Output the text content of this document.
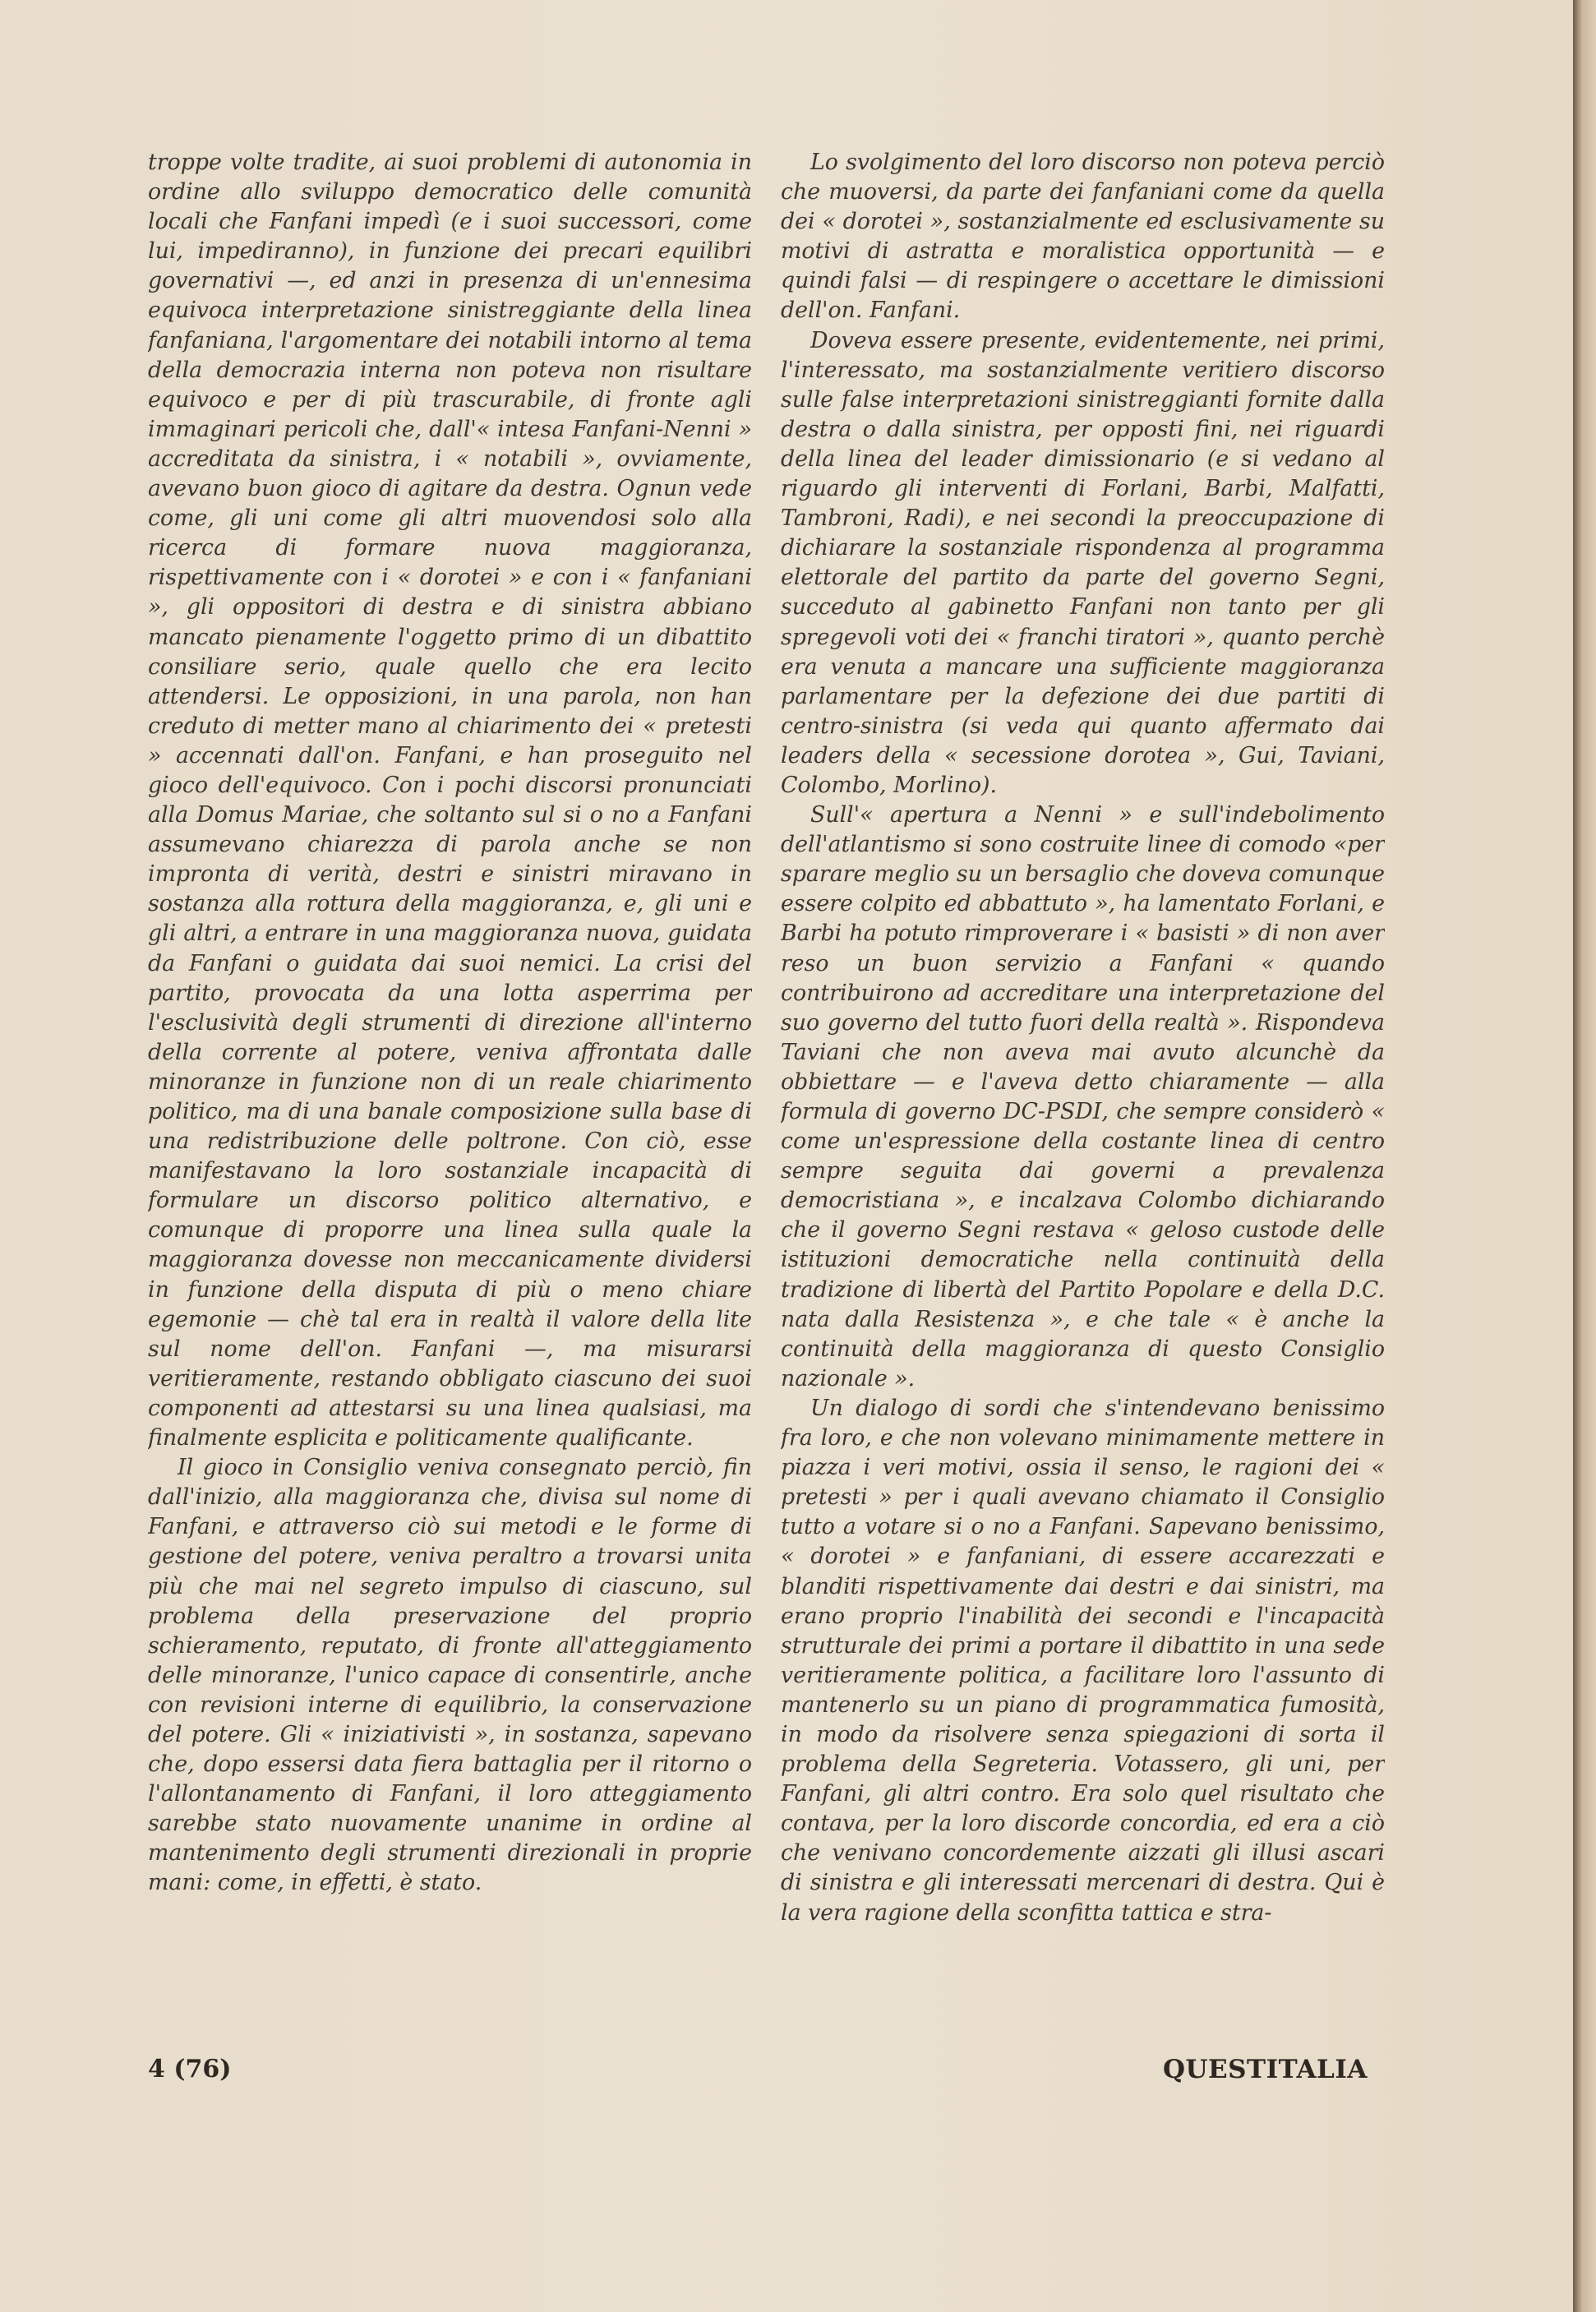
troppe volte tradite, ai suoi problemi di autonomia in ordine allo sviluppo democratico delle comunità locali che Fanfani impedì (e i suoi successori, come lui, impediranno), in funzione dei precari equilibri governativi —, ed anzi in presenza di un'ennesima equivoca interpretazione sinistreggiante della linea fanfaniana, l'argomentare dei notabili intorno al tema della democrazia interna non poteva non risultare equivoco e per di più trascurabile, di fronte agli immaginari pericoli che, dall'« intesa Fanfani-Nenni » accreditata da sinistra, i « notabili », ovviamente, avevano buon gioco di agitare da destra. Ognun vede come, gli uni come gli altri muovendosi solo alla ricerca di formare nuova maggioranza, rispettivamente con i « dorotei » e con i « fanfaniani », gli oppositori di destra e di sinistra abbiano mancato pienamente l'oggetto primo di un dibattito consiliare serio, quale quello che era lecito attendersi. Le opposizioni, in una parola, non han creduto di metter mano al chiarimento dei « pretesti » accennati dall'on. Fanfani, e han proseguito nel gioco dell'equivoco. Con i pochi discorsi pronunciati alla Domus Mariae, che soltanto sul si o no a Fanfani assumevano chiarezza di parola anche se non impronta di verità, destri e sinistri miravano in sostanza alla rottura della maggioranza, e, gli uni e gli altri, a entrare in una maggioranza nuova, guidata da Fanfani o guidata dai suoi nemici. La crisi del partito, provocata da una lotta asperrima per l'esclusività degli strumenti di direzione all'interno della corrente al potere, veniva affrontata dalle minoranze in funzione non di un reale chiarimento politico, ma di una banale composizione sulla base di una redistribuzione delle poltrone. Con ciò, esse manifestavano la loro sostanziale incapacità di formulare un discorso politico alternativo, e comunque di proporre una linea sulla quale la maggioranza dovesse non meccanicamente dividersi in funzione della disputa di più o meno chiare egemonie — chè tal era in realtà il valore della lite sul nome dell'on. Fanfani —, ma misurarsi veritieramente, restando obbligato ciascuno dei suoi componenti ad attestarsi su una linea qualsiasi, ma finalmente esplicita e politicamente qualificante.

Il gioco in Consiglio veniva consegnato perciò, fin dall'inizio, alla maggioranza che, divisa sul nome di Fanfani, e attraverso ciò sui metodi e le forme di gestione del potere, veniva peraltro a trovarsi unita più che mai nel segreto impulso di ciascuno, sul problema della preservazione del proprio schieramento, reputato, di fronte all'atteggiamento delle minoranze, l'unico capace di consentirle, anche con revisioni interne di equilibrio, la conservazione del potere. Gli « iniziativisti », in sostanza, sapevano che, dopo essersi data fiera battaglia per il ritorno o l'allontanamento di Fanfani, il loro atteggiamento sarebbe stato nuovamente unanime in ordine al mantenimento degli strumenti direzionali in proprie mani: come, in effetti, è stato.

Lo svolgimento del loro discorso non poteva perciò che muoversi, da parte dei fanfaniani come da quella dei « dorotei », sostanzialmente ed esclusivamente su motivi di astratta e moralistica opportunità — e quindi falsi — di respingere o accettare le dimissioni dell'on. Fanfani.

Doveva essere presente, evidentemente, nei primi, l'interessato, ma sostanzialmente veritiero discorso sulle false interpretazioni sinistreggianti fornite dalla destra o dalla sinistra, per opposti fini, nei riguardi della linea del leader dimissionario (e si vedano al riguardo gli interventi di Forlani, Barbi, Malfatti, Tambroni, Radi), e nei secondi la preoccupazione di dichiarare la sostanziale rispondenza al programma elettorale del partito da parte del governo Segni, succeduto al gabinetto Fanfani non tanto per gli spregevoli voti dei « franchi tiratori », quanto perchè era venuta a mancare una sufficiente maggioranza parlamentare per la defezione dei due partiti di centro-sinistra (si veda qui quanto affermato dai leaders della « secessione dorotea », Gui, Taviani, Colombo, Morlino).

Sull'« apertura a Nenni » e sull'indebolimento dell'atlantismo si sono costruite linee di comodo «per sparare meglio su un bersaglio che doveva comunque essere colpito ed abbattuto », ha lamentato Forlani, e Barbi ha potuto rimproverare i « basisti » di non aver reso un buon servizio a Fanfani « quando contribuirono ad accreditare una interpretazione del suo governo del tutto fuori della realtà ». Rispondeva Taviani che non aveva mai avuto alcunchè da obbiettare — e l'aveva detto chiaramente — alla formula di governo DC-PSDI, che sempre considerò « come un'espressione della costante linea di centro sempre seguita dai governi a prevalenza democristiana », e incalzava Colombo dichiarando che il governo Segni restava « geloso custode delle istituzioni democratiche nella continuità della tradizione di libertà del Partito Popolare e della D.C. nata dalla Resistenza », e che tale « è anche la continuità della maggioranza di questo Consiglio nazionale ».

Un dialogo di sordi che s'intendevano benissimo fra loro, e che non volevano minimamente mettere in piazza i veri motivi, ossia il senso, le ragioni dei « pretesti » per i quali avevano chiamato il Consiglio tutto a votare si o no a Fanfani. Sapevano benissimo, « dorotei » e fanfaniani, di essere accarezzati e blanditi rispettivamente dai destri e dai sinistri, ma erano proprio l'inabilità dei secondi e l'incapacità strutturale dei primi a portare il dibattito in una sede veritieramente politica, a facilitare loro l'assunto di mantenerlo su un piano di programmatica fumosità, in modo da risolvere senza spiegazioni di sorta il problema della Segreteria. Votassero, gli uni, per Fanfani, gli altri contro. Era solo quel risultato che contava, per la loro discorde concordia, ed era a ciò che venivano concordemente aizzati gli illusi ascari di sinistra e gli interessati mercenari di destra. Qui è la vera ragione della sconfitta tattica e stra-

4 (76)	QUESTITALIA
